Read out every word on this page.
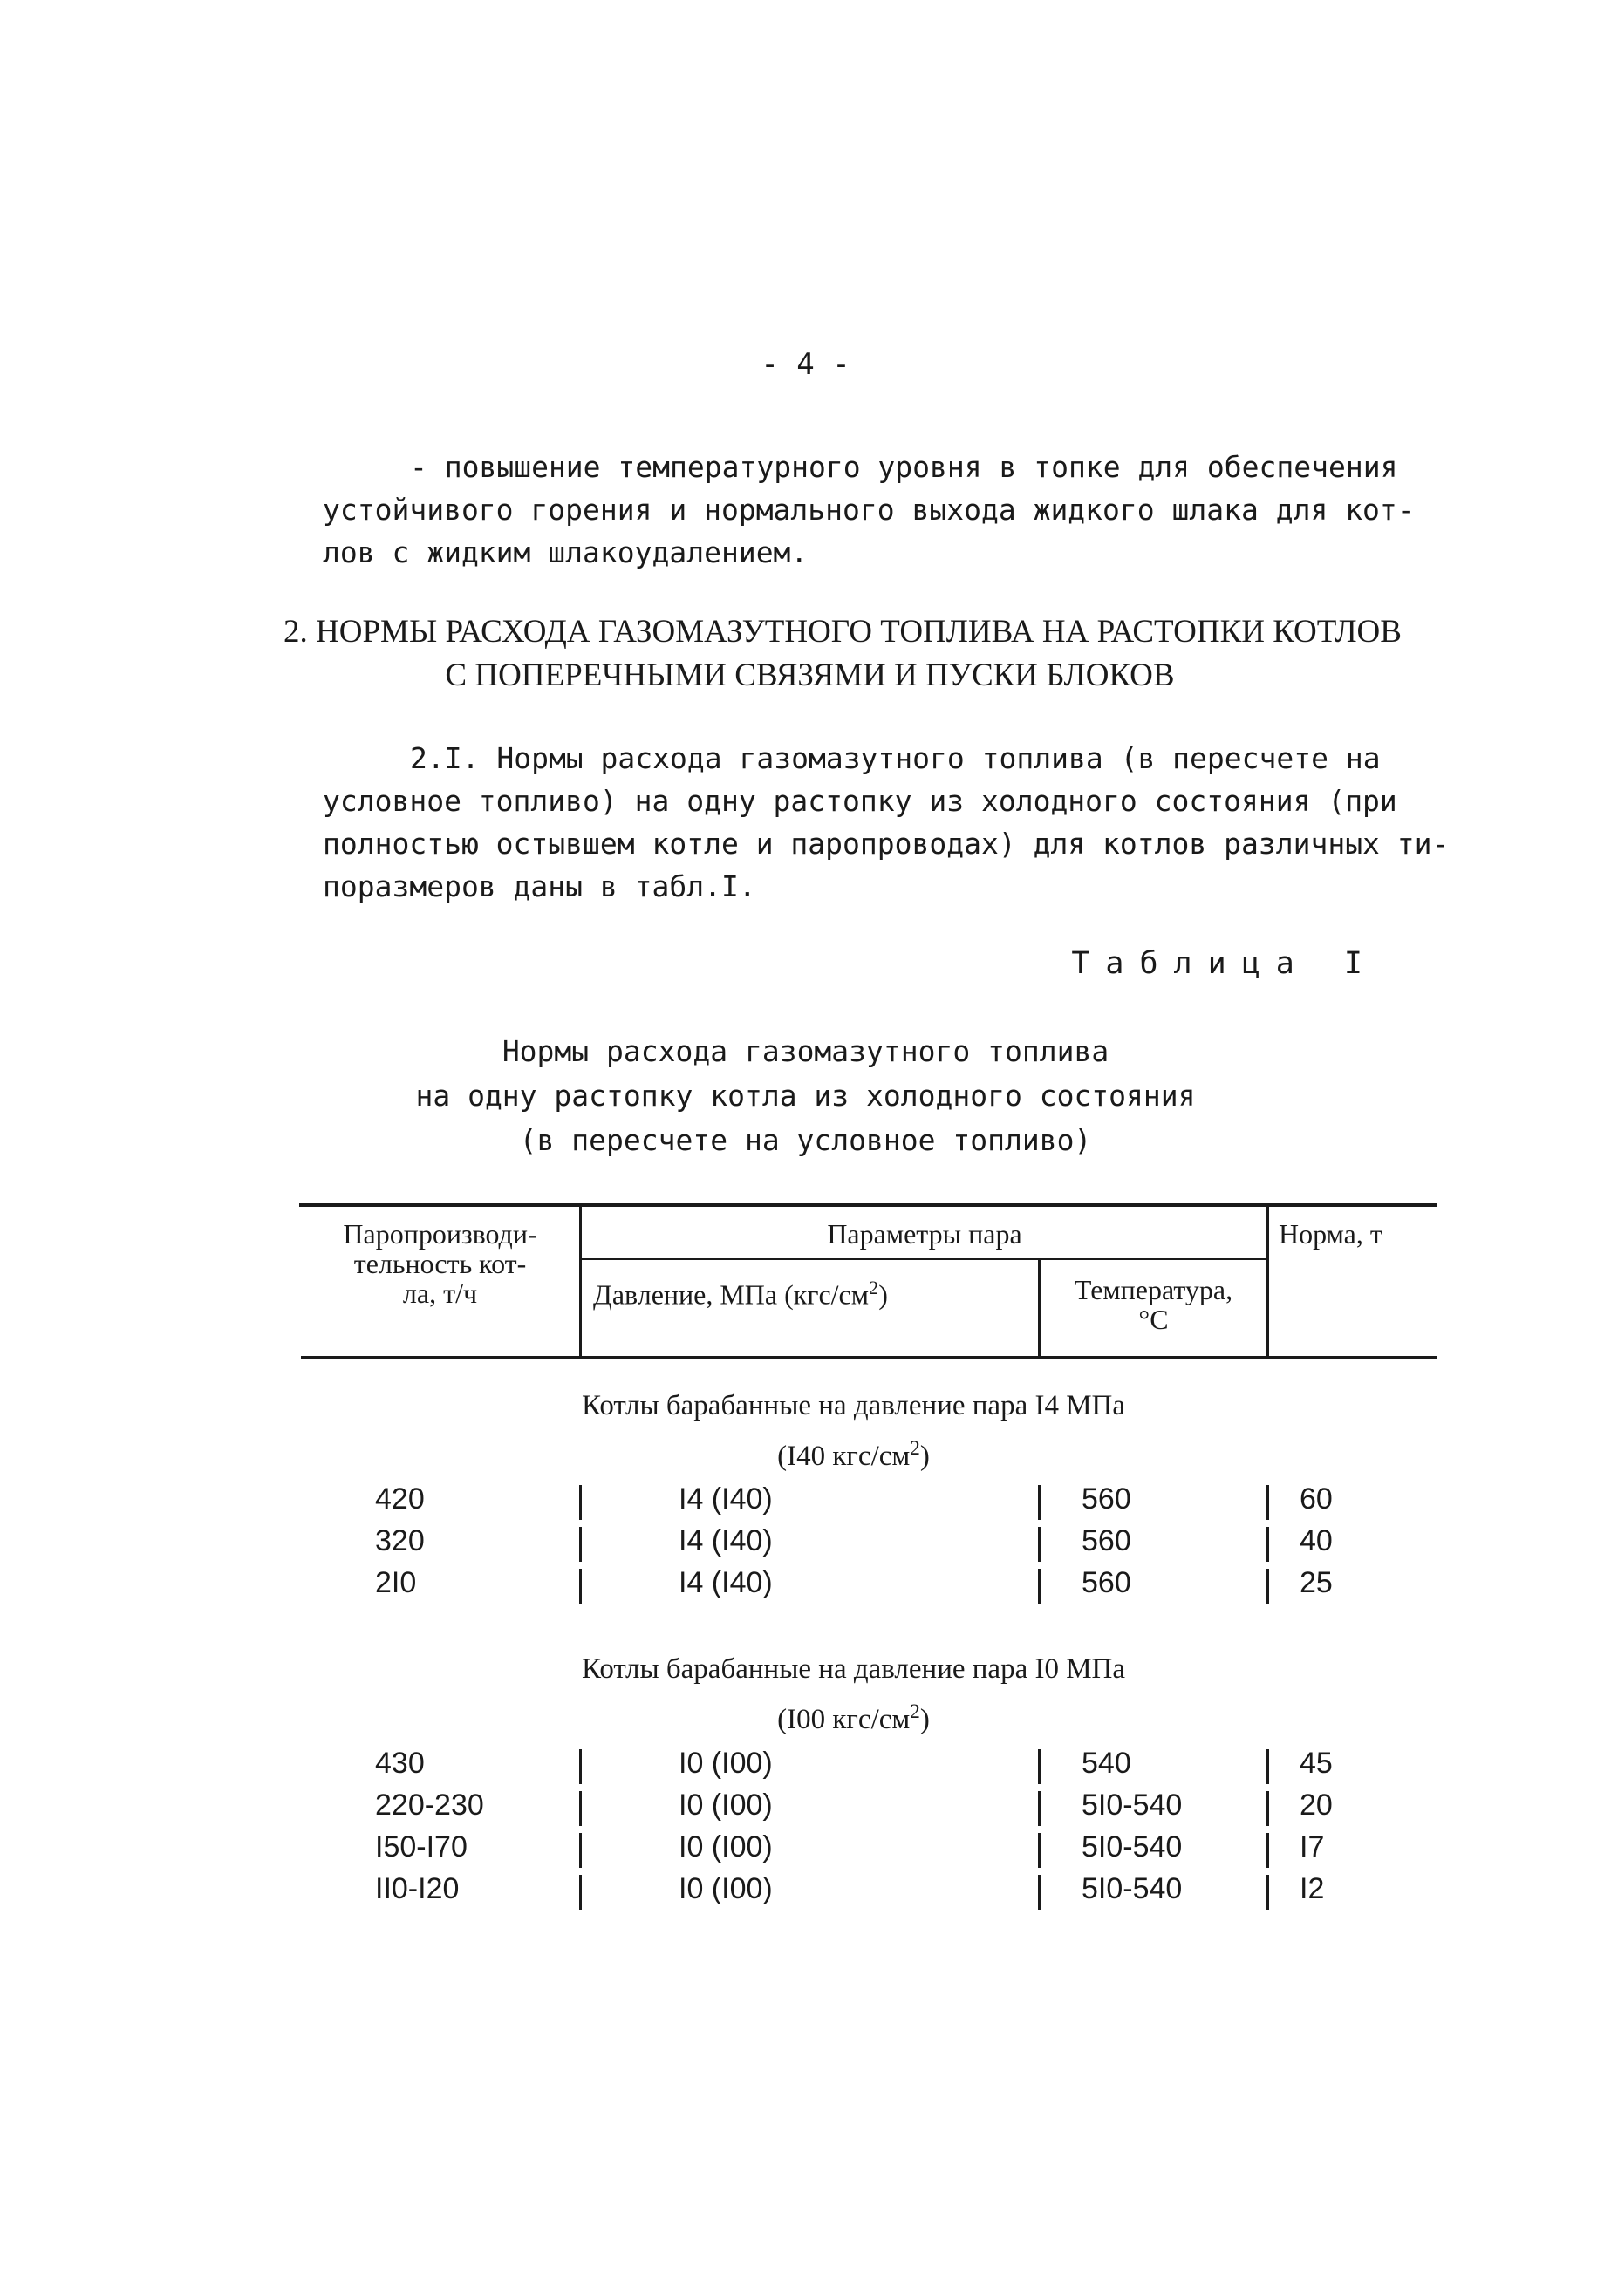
- 4 -
- повышение температурного уровня в топке для обеспечения
устойчивого горения и нормального выхода жидкого шлака для кот-
лов с жидким шлакоудалением.
2. НОРМЫ РАСХОДА ГАЗОМАЗУТНОГО ТОПЛИВА НА РАСТОПКИ КОТЛОВ
С ПОПЕРЕЧНЫМИ СВЯЗЯМИ И ПУСКИ БЛОКОВ
2.I. Нормы расхода газомазутного топлива (в пересчете на
условное топливо) на одну растопку из холодного состояния (при
полностью остывшем котле и паропроводах) для котлов различных ти-
поразмеров даны в табл.I.
Таблица I
Нормы расхода газомазутного топлива
на одну растопку котла из холодного состояния
(в пересчете на условное топливо)
Паропроизводи-
тельность кот-
ла, т/ч
Параметры пара
Давление, МПа $(кгс/см^2)$	Температура,
°C
Норма, т
Котлы барабанные на давление пара I4 МПа
(I40 кгс/$см^2$)
420	I4 (I40)	560	60
320	I4 (I40)	560	40
2I0	I4 (I40)	560	25
Котлы барабанные на давление пара I0 МПа
(I00 кгс/$см^2$)
430	I0 (I00)	540	45
220-230	I0 (I00)	5I0-540	20
I50-I70	I0 (I00)	5I0-540	I7
II0-I20	I0 (I00)	5I0-540	I2
